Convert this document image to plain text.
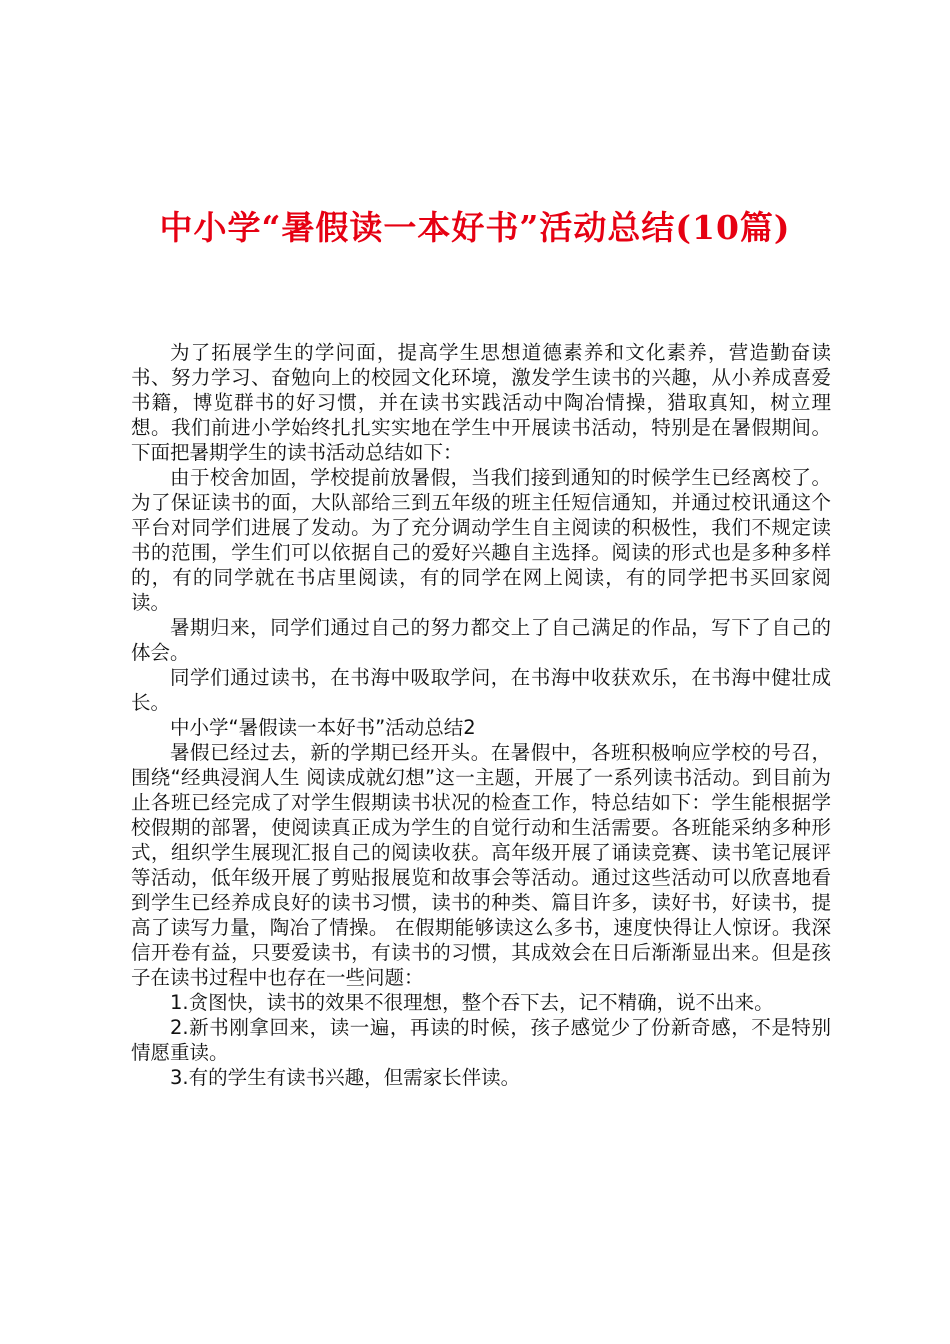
中小学“暑假读一本好书”活动总结(10篇)

为了拓展学生的学问面，提高学生思想道德素养和文化素养，营造勤奋读书、努力学习、奋勉向上的校园文化环境，激发学生读书的兴趣，从小养成喜爱书籍，博览群书的好习惯，并在读书实践活动中陶冶情操，猎取真知，树立理想。我们前进小学始终扎扎实实地在学生中开展读书活动，特别是在暑假期间。下面把暑期学生的读书活动总结如下：

由于校舍加固，学校提前放暑假，当我们接到通知的时候学生已经离校了。为了保证读书的面，大队部给三到五年级的班主任短信通知，并通过校讯通这个平台对同学们进展了发动。为了充分调动学生自主阅读的积极性，我们不规定读书的范围，学生们可以依据自己的爱好兴趣自主选择。阅读的形式也是多种多样的，有的同学就在书店里阅读，有的同学在网上阅读，有的同学把书买回家阅读。

暑期归来，同学们通过自己的努力都交上了自己满足的作品，写下了自己的体会。

同学们通过读书，在书海中吸取学问，在书海中收获欢乐，在书海中健壮成长。

中小学“暑假读一本好书”活动总结2

暑假已经过去，新的学期已经开头。在暑假中，各班积极响应学校的号召，围绕“经典浸润人生 阅读成就幻想”这一主题，开展了一系列读书活动。到目前为止各班已经完成了对学生假期读书状况的检查工作，特总结如下：学生能根据学校假期的部署，使阅读真正成为学生的自觉行动和生活需要。各班能采纳多种形式，组织学生展现汇报自己的阅读收获。高年级开展了诵读竞赛、读书笔记展评等活动，低年级开展了剪贴报展览和故事会等活动。通过这些活动可以欣喜地看到学生已经养成良好的读书习惯，读书的种类、篇目许多，读好书，好读书，提高了读写力量，陶冶了情操。 在假期能够读这么多书，速度快得让人惊讶。我深信开卷有益，只要爱读书，有读书的习惯，其成效会在日后渐渐显出来。但是孩子在读书过程中也存在一些问题：

1.贪图快，读书的效果不很理想，整个吞下去，记不精确，说不出来。

2.新书刚拿回来，读一遍，再读的时候，孩子感觉少了份新奇感，不是特别情愿重读。

3.有的学生有读书兴趣，但需家长伴读。
